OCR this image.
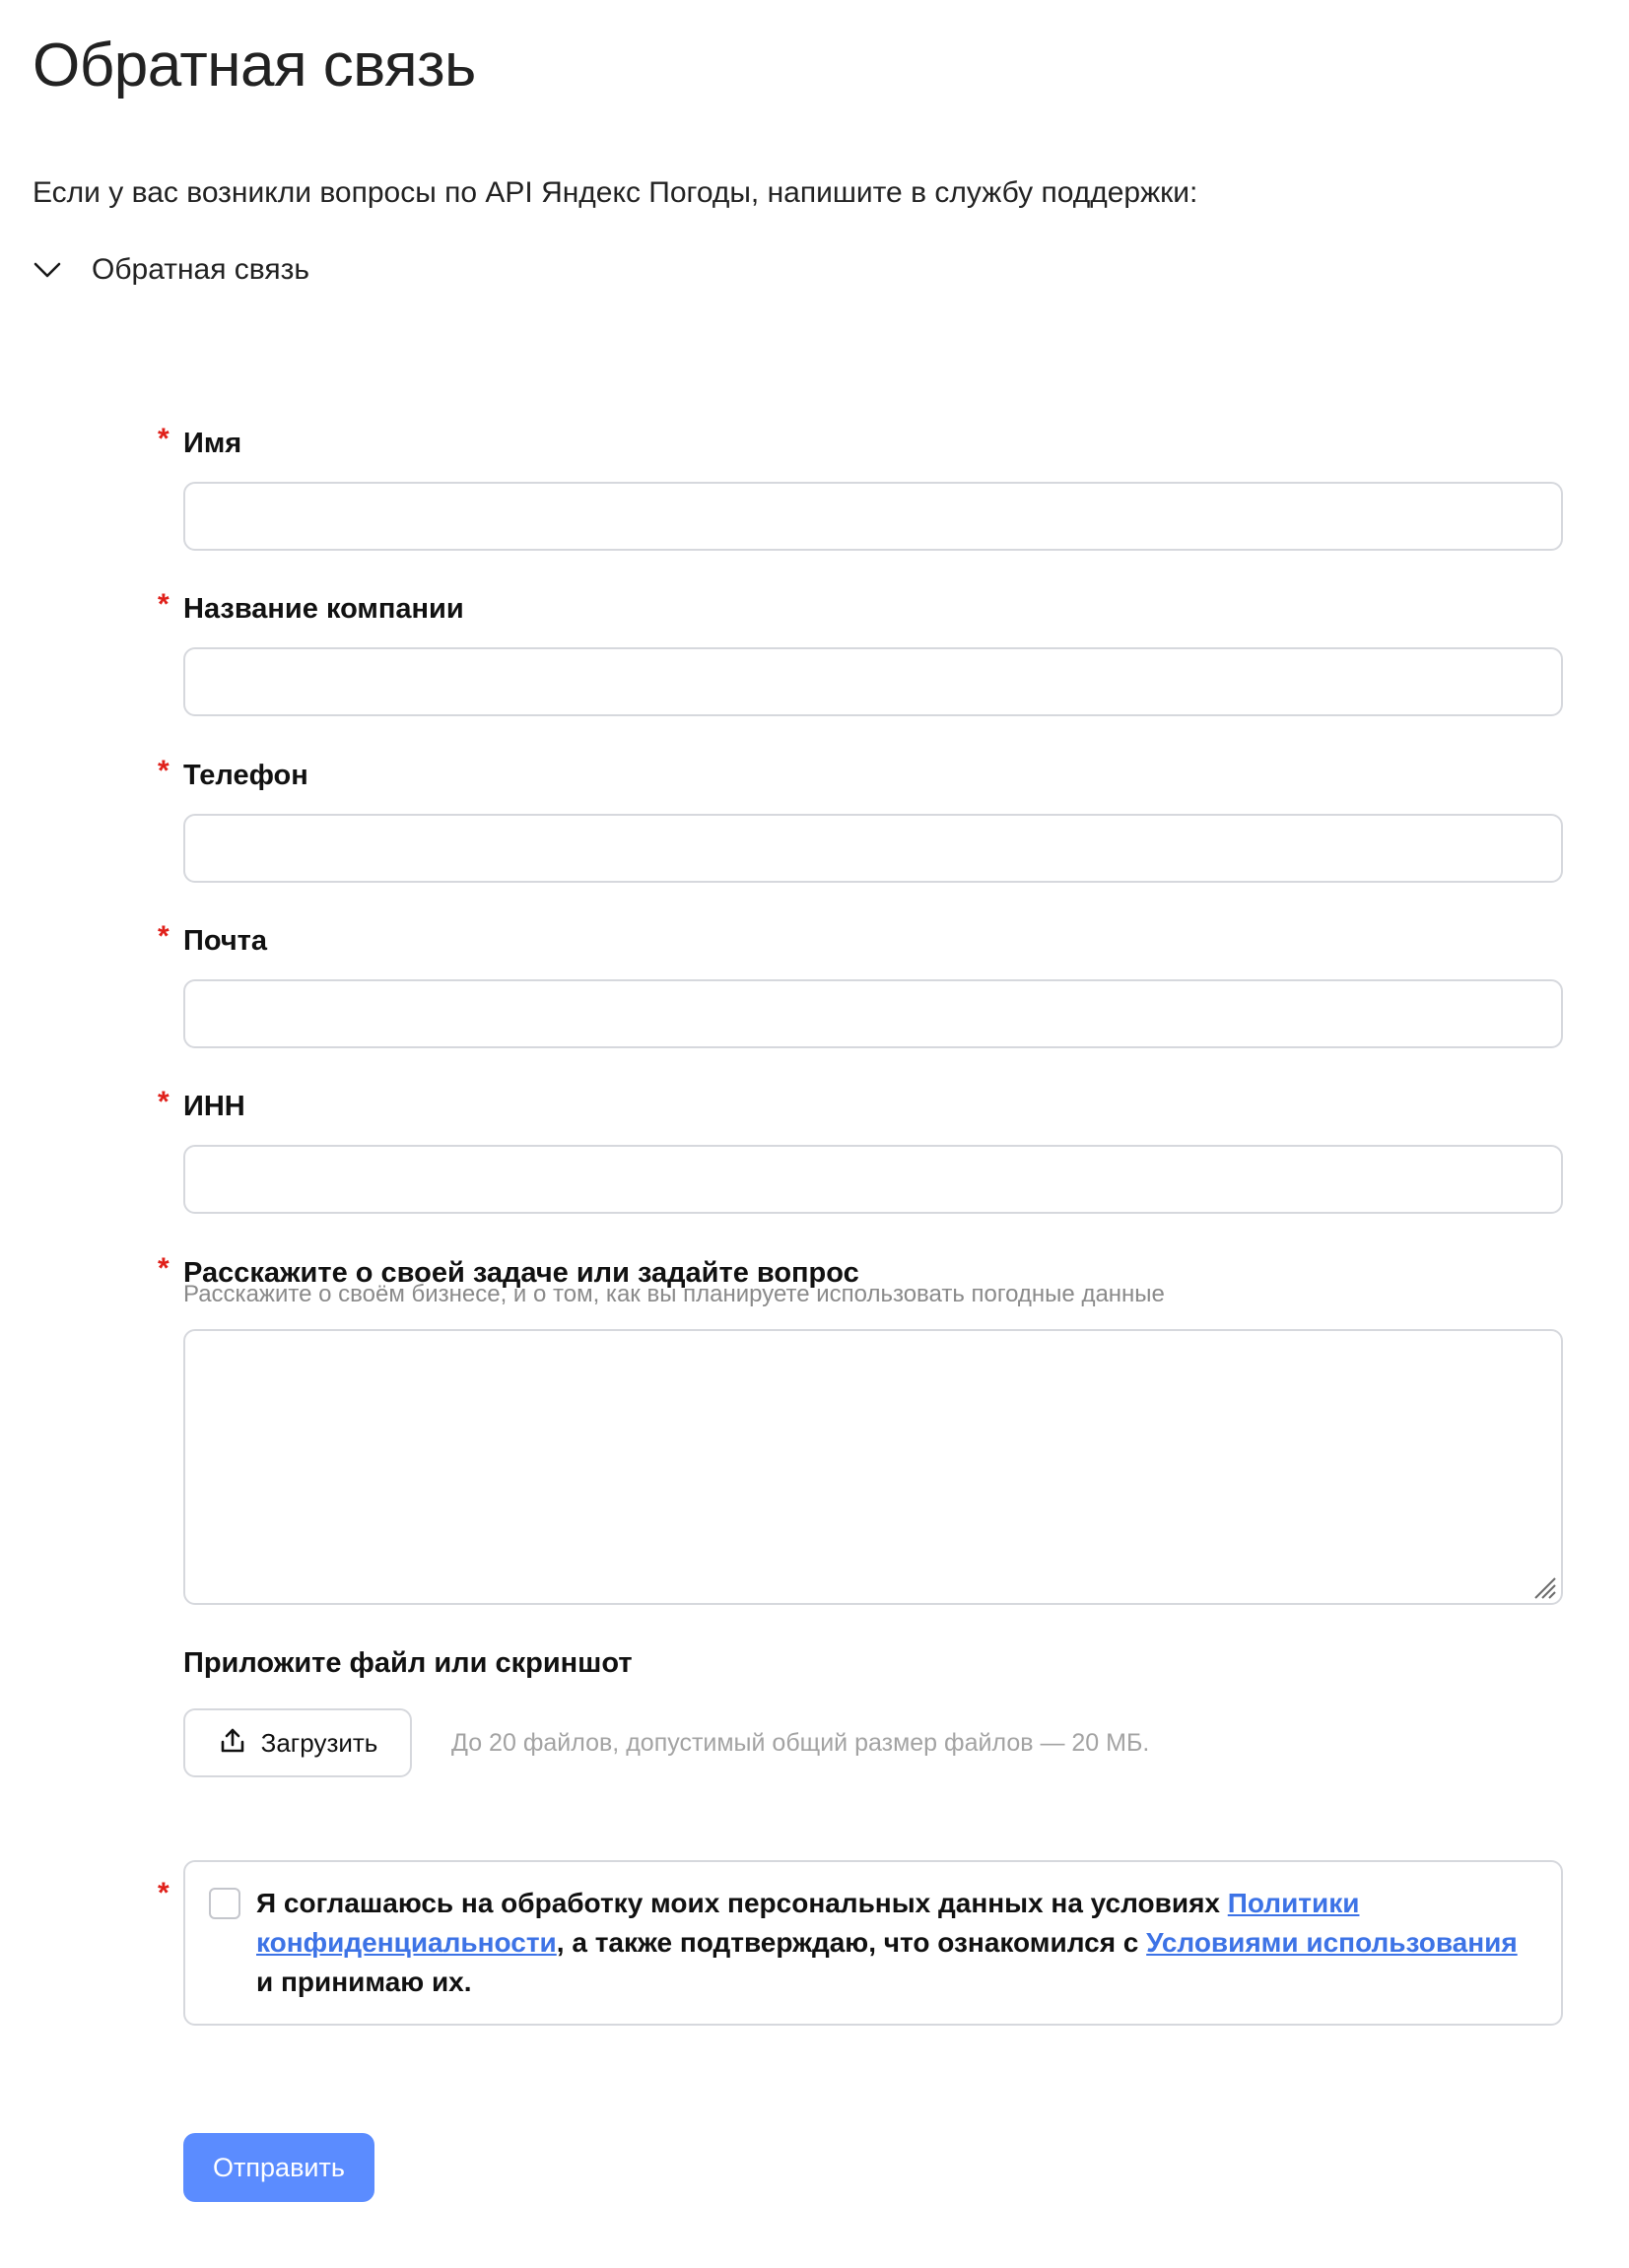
Обратная связь
Если у вас возникли вопросы по API Яндекс Погоды, напишите в службу поддержки:
Обратная связь
* Имя
* Название компании
* Телефон
* Почта
* ИНН
* Расскажите о своей задаче или задайте вопрос
Расскажите о своём бизнесе, и о том, как вы планируете использовать погодные данные
Приложите файл или скриншот
Загрузить	До 20 файлов, допустимый общий размер файлов — 20 МБ.
*	Я соглашаюсь на обработку моих персональных данных на условиях Политики конфиденциальности, а также подтверждаю, что ознакомился с Условиями использования и принимаю их.
Отправить
